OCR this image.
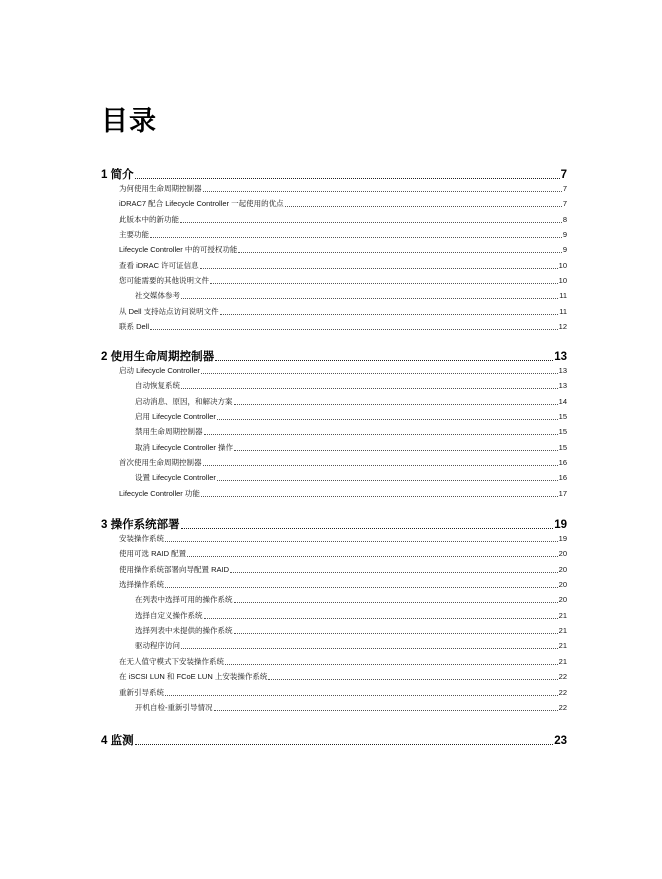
目录
1 简介	7
为何使用生命周期控制器	7
iDRAC7 配合 Lifecycle Controller 一起使用的优点	7
此版本中的新功能	8
主要功能	9
Lifecycle Controller 中的可授权功能	9
查看 iDRAC 许可证信息	10
您可能需要的其他说明文件	10
社交媒体参考	11
从 Dell 支持站点访问说明文件	11
联系 Dell	12
2 使用生命周期控制器	13
启动 Lifecycle Controller	13
自动恢复系统	13
启动消息、原因，和解决方案	14
启用 Lifecycle Controller	15
禁用生命周期控制器	15
取消 Lifecycle Controller 操作	15
首次使用生命周期控制器	16
设置 Lifecycle Controller	16
Lifecycle Controller 功能	17
3 操作系统部署	19
安装操作系统	19
使用可选 RAID 配置	20
使用操作系统部署向导配置 RAID	20
选择操作系统	20
在列表中选择可用的操作系统	20
选择自定义操作系统	21
选择列表中未提供的操作系统	21
驱动程序访问	21
在无人值守模式下安装操作系统	21
在 iSCSI LUN 和 FCoE LUN 上安装操作系统	22
重新引导系统	22
开机自检-重新引导情况	22
4 监测	23
